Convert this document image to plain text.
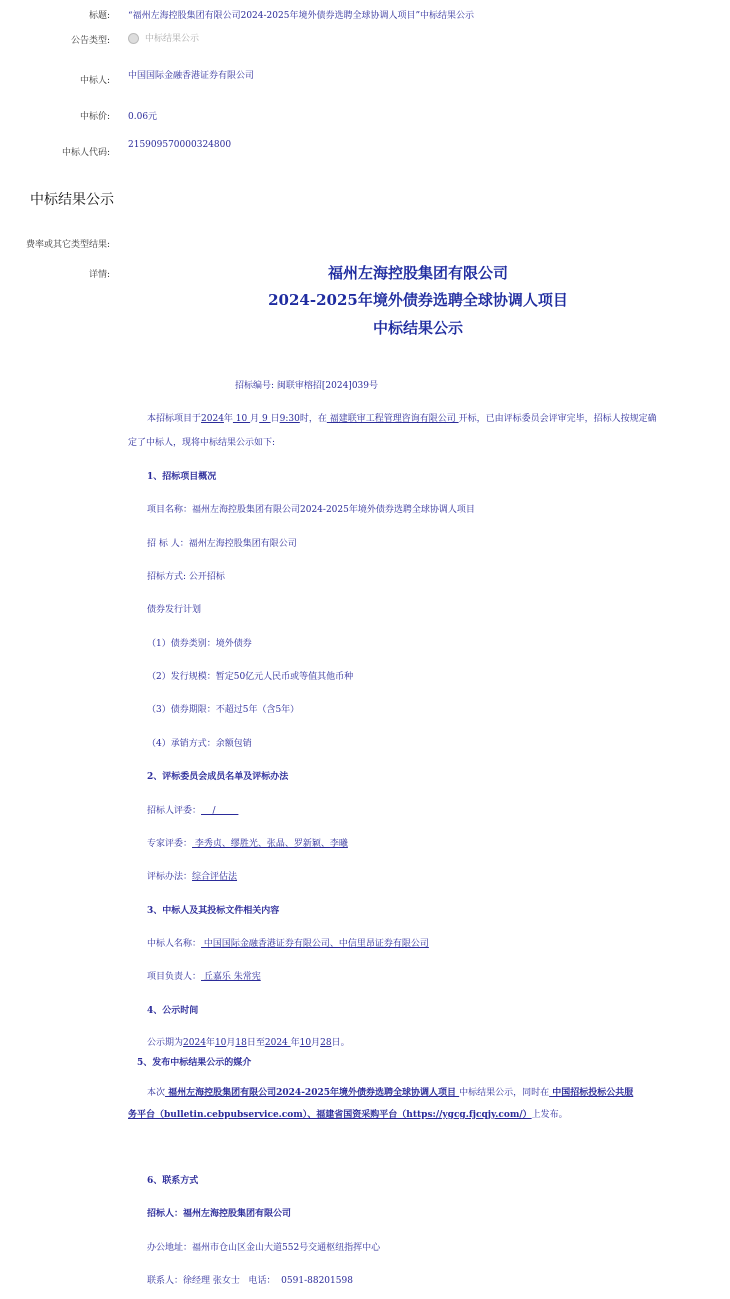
标题: “福州左海控股集团有限公司2024-2025年境外债券选聘全球协调人项目”中标结果公示
公告类型:	中标结果公示
中标人: 中国国际金融香港证券有限公司
中标价: 0.06元
中标人代码:
215909570000324800
中标结果公示
费率或其它类型结果:
详情:	福州左海控股集团有限公司
2024-2025年境外债券选聘全球协调人项目
中标结果公示
招标编号: 闽联审榕招[2024]039号
本招标项目于2024年 10 月 9 日9:30时，在 福建联审工程管理咨询有限公司 开标，已由评标委员会评审完毕，招标人按规定确
定了中标人，现将中标结果公示如下:
1、招标项目概况
项目名称：福州左海控股集团有限公司2024-2025年境外债券选聘全球协调人项目
招 标 人：福州左海控股集团有限公司
招标方式: 公开招标
债券发行计划
（1）债券类别：境外债券
（2）发行规模：暂定50亿元人民币或等值其他币种
（3）债券期限：不超过5年（含5年）
（4）承销方式：余额包销
2、评标委员会成员名单及评标办法
招标人评委：    /
专家评委： 李秀贞、缪胜光、张晶、罗新颖、李曦
评标办法：综合评估法
3、中标人及其投标文件相关内容
中标人名称： 中国国际金融香港证券有限公司、中信里昂证券有限公司
项目负责人： 丘嘉乐 朱常宪
4、公示时间
公示期为2024年10月18日至2024 年10月28日。
5、发布中标结果公示的媒介
本次 福州左海控股集团有限公司2024-2025年境外债券选聘全球协调人项目 中标结果公示，同时在 中国招标投标公共服
务平台（bulletin.cebpubservice.com）、福建省国资采购平台（https://ygcg.fjcqjy.com/）上发布。
6、联系方式
招标人：福州左海控股集团有限公司
办公地址：福州市仓山区金山大道552号交通枢纽指挥中心
联系人：徐经理 张女士   电话：  0591-88201598
